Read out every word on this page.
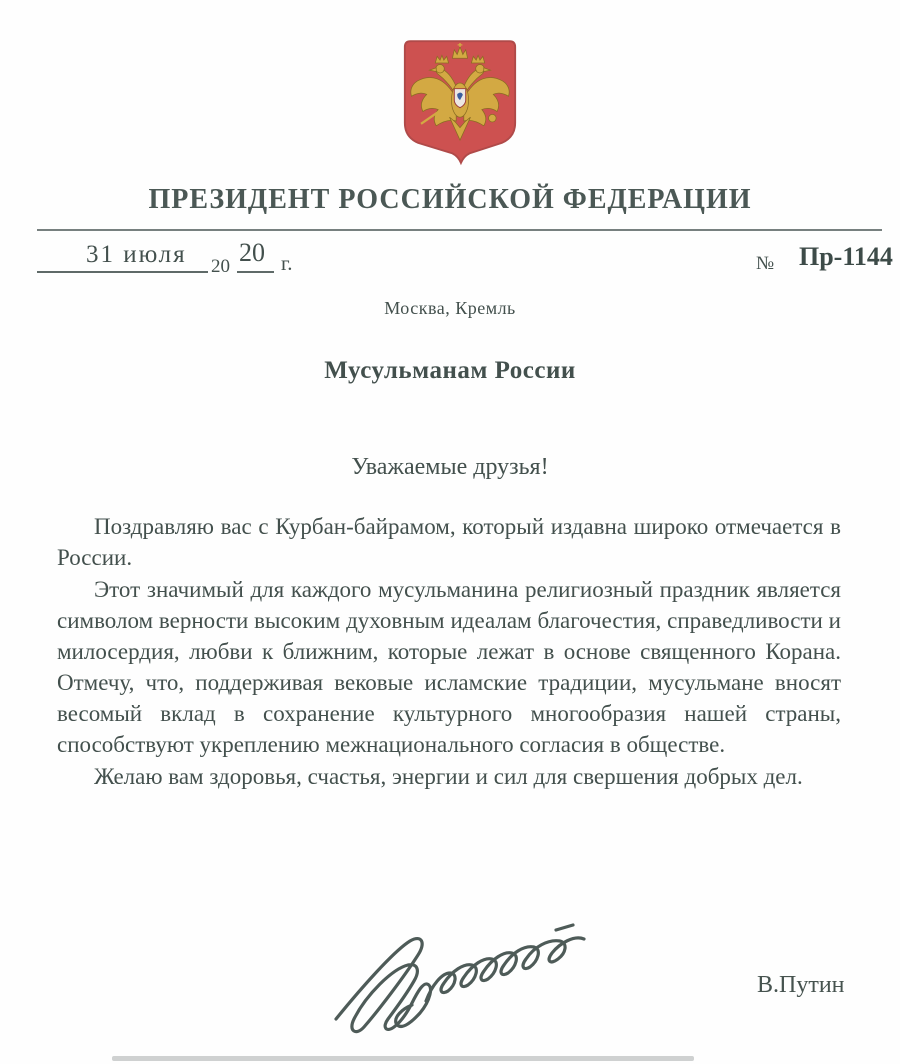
ПРЕЗИДЕНТ РОССИЙСКОЙ ФЕДЕРАЦИИ
31 июля 20 20 г.	№ Пр-1144
Москва, Кремль
Мусульманам России
Уважаемые друзья!

Поздравляю вас с Курбан-байрамом, который издавна широко отмечается в России.

Этот значимый для каждого мусульманина религиозный праздник является символом верности высоким духовным идеалам благочестия, справедливости и милосердия, любви к ближним, которые лежат в основе священного Корана. Отмечу, что, поддерживая вековые исламские традиции, мусульмане вносят весомый вклад в сохранение культурного многообразия нашей страны, способствуют укреплению межнационального согласия в обществе.

Желаю вам здоровья, счастья, энергии и сил для свершения добрых дел.

В.Путин
